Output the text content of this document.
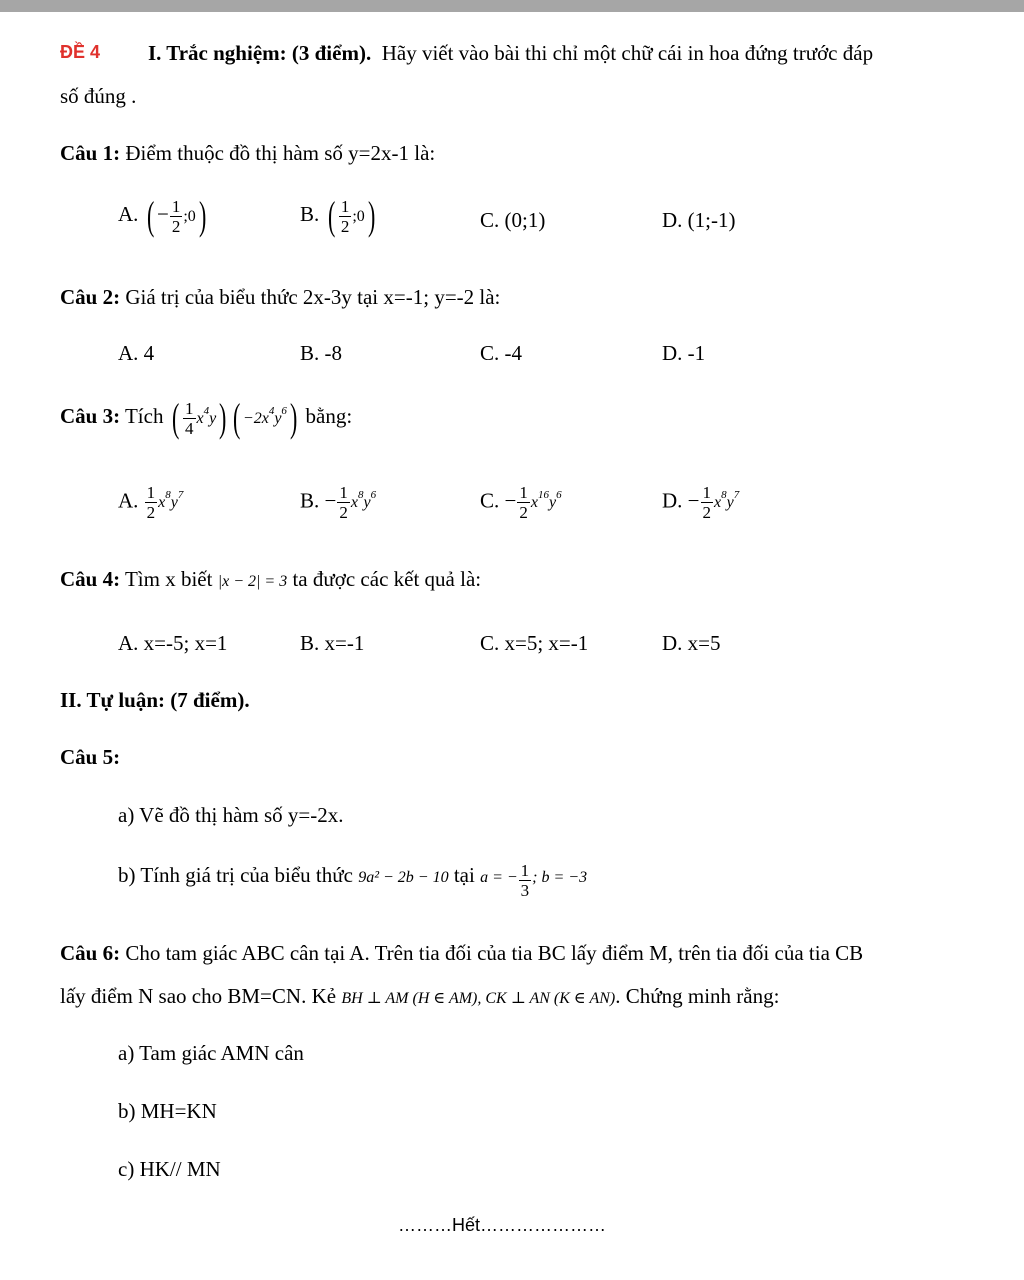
ĐỀ 4 I. Trắc nghiệm: (3 điểm). Hãy viết vào bài thi chỉ một chữ cái in hoa đứng trước đáp
số đúng .
Câu 1: Điểm thuộc đồ thị hàm số y=2x-1 là:
A. ( − $\frac{1}{2}$ ;0)	B. ( $\frac{1}{2}$ ;0)	C. (0;1)	D. (1;-1)
Câu 2: Giá trị của biểu thức 2x-3y tại x=-1; y=-2 là:
A. 4	B. -8	C. -4	D. -1
Câu 3: Tích ( $\frac{1}{4} x^4y$) ( $-2x^4y^6$) bằng:
A. $\frac{1}{2} x^8y^7$	B. − $\frac{1}{2} x^8y^6$	C. − $\frac{1}{2} x^{16}y^6$	D. − $\frac{1}{2} x^8y^7$
Câu 4: Tìm x biết |x − 2| = 3 ta được các kết quả là:
A. x=-5; x=1	B. x=-1	C. x=5; x=-1	D. x=5
II. Tự luận: (7 điểm).
Câu 5:
a) Vẽ đồ thị hàm số y=-2x.
b) Tính giá trị của biểu thức 9a² − 2b − 10 tại a = − $\frac{1}{3}$ ; b = −3
Câu 6: Cho tam giác ABC cân tại A. Trên tia đối của tia BC lấy điểm M, trên tia đối của tia CB
lấy điểm N sao cho BM=CN. Kẻ BH ⊥ AM (H ∈ AM), CK ⊥ AN (K ∈ AN). Chứng minh rằng:
a) Tam giác AMN cân
b) MH=KN
c) HK// MN
………Hết…………………
